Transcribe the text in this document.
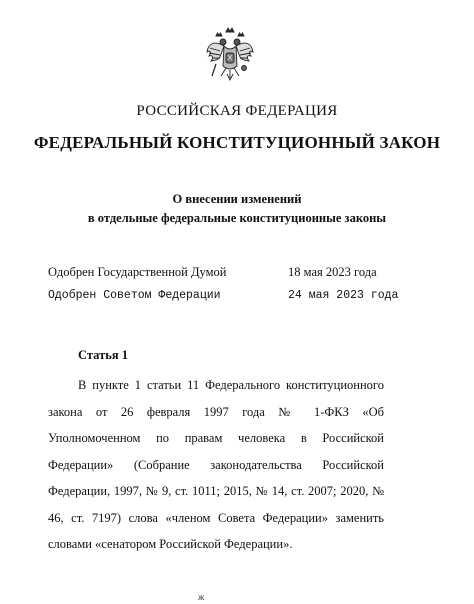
РОССИЙСКАЯ ФЕДЕРАЦИЯ
ФЕДЕРАЛЬНЫЙ КОНСТИТУЦИОННЫЙ ЗАКОН
О внесении изменений
в отдельные федеральные конституционные законы
Одобрен Государственной Думой	18 мая 2023 года
Одобрен Советом Федерации	24 мая 2023 года
Статья 1
В пункте 1 статьи 11 Федерального конституционного закона от 26 февраля 1997 года № 1-ФКЗ «Об Уполномоченном по правам человека в Российской Федерации» (Собрание законодательства Российской Федерации, 1997, № 9, ст. 1011; 2015, № 14, ст. 2007; 2020, № 46, ст. 7197) слова «членом Совета Федерации» заменить словами «сенатором Российской Федерации».
ж
